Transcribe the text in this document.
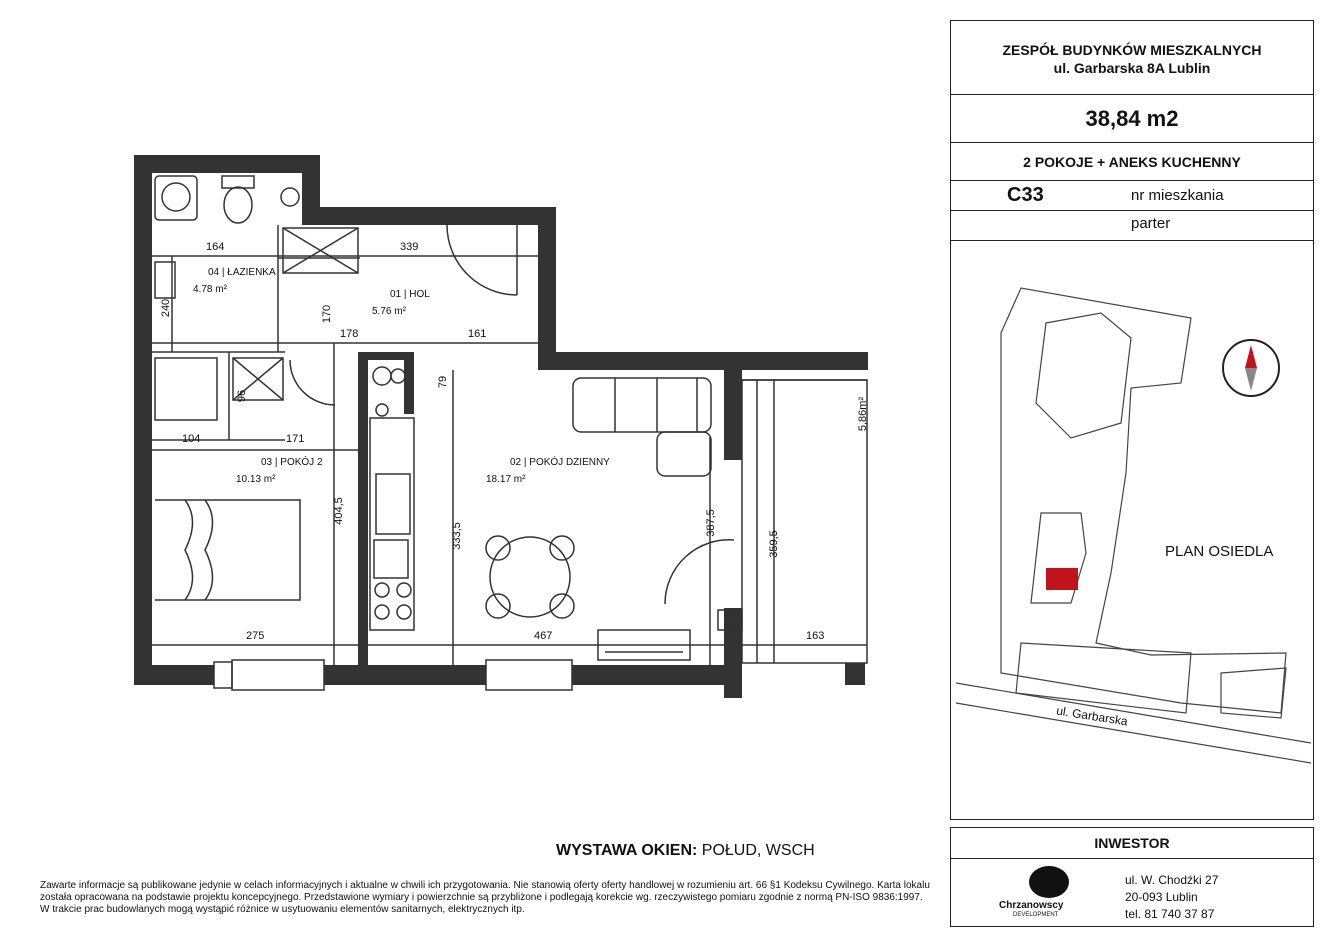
04 | ŁAZIENKA
4.78 m²	01 | HOL
5.76 m²
03 | POKÓJ 2
10.13 m²
02 | POKÓJ DZIENNY
18.17 m²
164	339
240	170
178	161
79
96
104	171
404,5
333,5	387,5
359,5
5,86m²
275	467	163
WYSTAWA OKIEN: POŁUD, WSCH
Zawarte informacje są publikowane jedynie w celach informacyjnych i aktualne w chwili ich przygotowania. Nie stanowią oferty oferty handlowej w rozumieniu art. 66 §1 Kodeksu Cywilnego. Karta lokalu
została opracowana na podstawie projektu koncepcyjnego. Przedstawione wymiary i powierzchnie są przybliżone i podlegają korekcie wg. rzeczywistego pomiaru zgodnie z normą PN-ISO 9836:1997.
W trakcie prac budowlanych mogą wystąpić różnice w usytuowaniu elementów sanitarnych, elektrycznych itp.
ZESPÓŁ BUDYNKÓW MIESZKALNYCH
ul. Garbarska 8A Lublin
38,84 m2
2 POKOJE + ANEKS KUCHENNY
C33	nr mieszkania
parter
PLAN OSIEDLA
ul. Garbarska
INWESTOR
Chrzanowscy
DEVELOPMENT
ul. W. Chodźki 27
20-093 Lublin
tel. 81 740 37 87
